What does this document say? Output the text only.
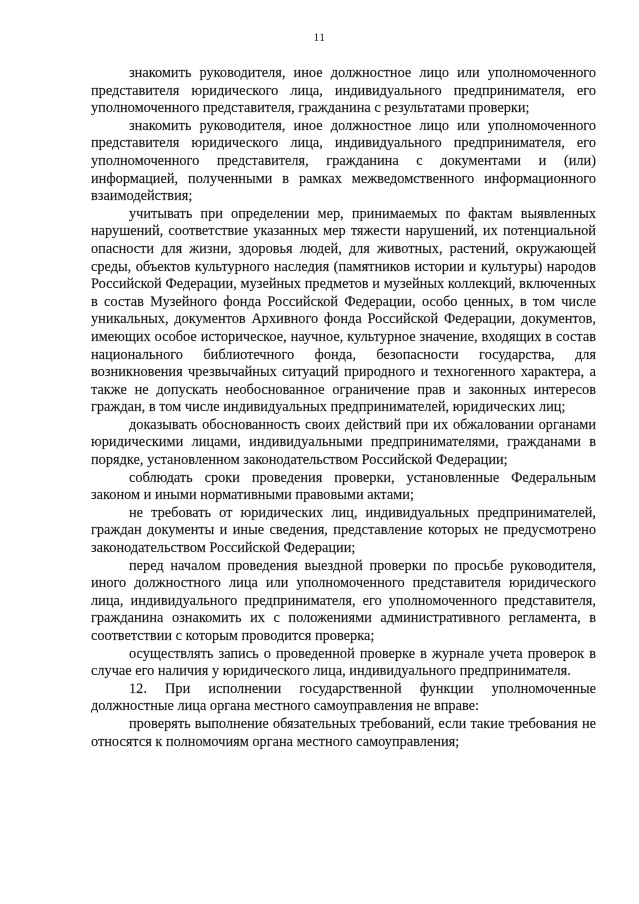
11

знакомить руководителя, иное должностное лицо или уполномоченного представителя юридического лица, индивидуального предпринимателя, его уполномоченного представителя, гражданина с результатами проверки;

знакомить руководителя, иное должностное лицо или уполномоченного представителя юридического лица, индивидуального предпринимателя, его уполномоченного представителя, гражданина с документами и (или) информацией, полученными в рамках межведомственного информационного взаимодействия;

учитывать при определении мер, принимаемых по фактам выявленных нарушений, соответствие указанных мер тяжести нарушений, их потенциальной опасности для жизни, здоровья людей, для животных, растений, окружающей среды, объектов культурного наследия (памятников истории и культуры) народов Российской Федерации, музейных предметов и музейных коллекций, включенных в состав Музейного фонда Российской Федерации, особо ценных, в том числе уникальных, документов Архивного фонда Российской Федерации, документов, имеющих особое историческое, научное, культурное значение, входящих в состав национального библиотечного фонда, безопасности государства, для возникновения чрезвычайных ситуаций природного и техногенного характера, а также не допускать необоснованное ограничение прав и законных интересов граждан, в том числе индивидуальных предпринимателей, юридических лиц;

доказывать обоснованность своих действий при их обжаловании органами юридическими лицами, индивидуальными предпринимателями, гражданами в порядке, установленном законодательством Российской Федерации;

соблюдать сроки проведения проверки, установленные Федеральным законом и иными нормативными правовыми актами;

не требовать от юридических лиц, индивидуальных предпринимателей, граждан документы и иные сведения, представление которых не предусмотрено законодательством Российской Федерации;

перед началом проведения выездной проверки по просьбе руководителя, иного должностного лица или уполномоченного представителя юридического лица, индивидуального предпринимателя, его уполномоченного представителя, гражданина ознакомить их с положениями административного регламента, в соответствии с которым проводится проверка;

осуществлять запись о проведенной проверке в журнале учета проверок в случае его наличия у юридического лица, индивидуального предпринимателя.

12. При исполнении государственной функции уполномоченные должностные лица органа местного самоуправления не вправе:

проверять выполнение обязательных требований, если такие требования не относятся к полномочиям органа местного самоуправления;
